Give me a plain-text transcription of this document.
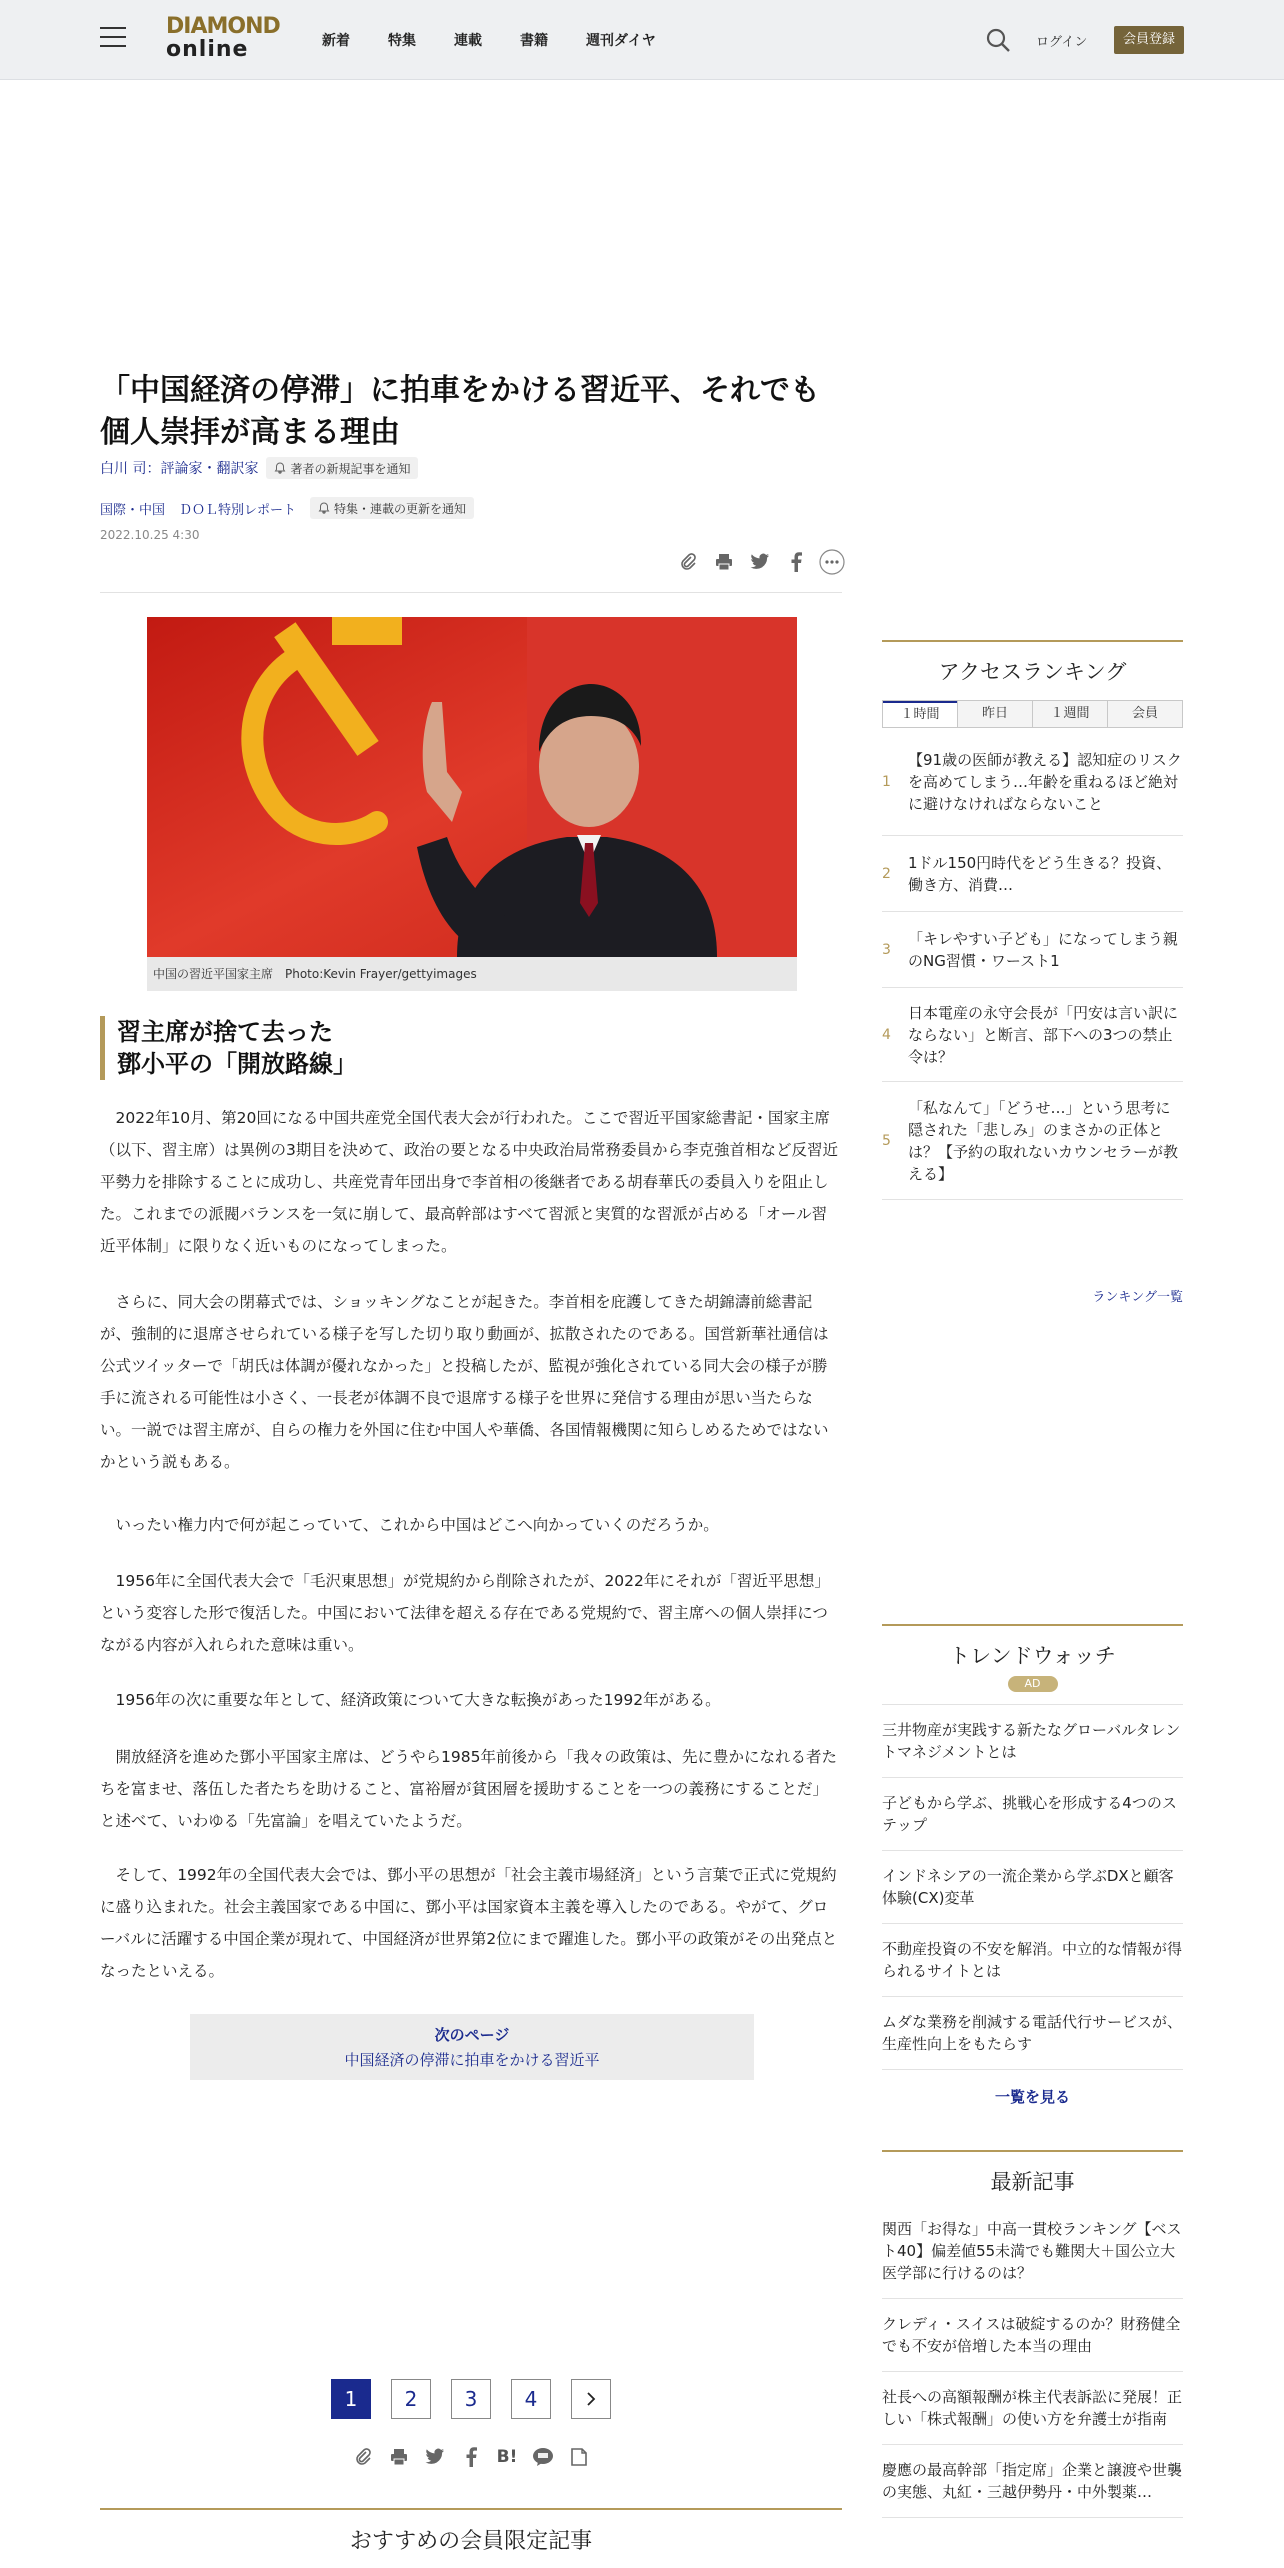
DIAMOND
online	新着	特集	連載	書籍	週刊ダイヤ	ログイン	会員登録
「中国経済の停滞」に拍車をかける習近平、それでも個人崇拝が高まる理由
白川 司：評論家・翻訳家	著者の新規記事を通知
国際・中国 ＤＯＬ特別レポート	特集・連載の更新を通知
2022.10.25 4:30
中国の習近平国家主席　Photo:Kevin Frayer/gettyimages
習主席が捨て去った
鄧小平の「開放路線」

2022年10月、第20回になる中国共産党全国代表大会が行われた。ここで習近平国家総書記・国家主席（以下、習主席）は異例の3期目を決めて、政治の要となる中央政治局常務委員から李克強首相など反習近平勢力を排除することに成功し、共産党青年団出身で李首相の後継者である胡春華氏の委員入りを阻止した。これまでの派閥バランスを一気に崩して、最高幹部はすべて習派と実質的な習派が占める「オール習近平体制」に限りなく近いものになってしまった。

さらに、同大会の閉幕式では、ショッキングなことが起きた。李首相を庇護してきた胡錦濤前総書記が、強制的に退席させられている様子を写した切り取り動画が、拡散されたのである。国営新華社通信は公式ツイッターで「胡氏は体調が優れなかった」と投稿したが、監視が強化されている同大会の様子が勝手に流される可能性は小さく、一長老が体調不良で退席する様子を世界に発信する理由が思い当たらない。一説では習主席が、自らの権力を外国に住む中国人や華僑、各国情報機関に知らしめるためではないかという説もある。

いったい権力内で何が起こっていて、これから中国はどこへ向かっていくのだろうか。

1956年に全国代表大会で「毛沢東思想」が党規約から削除されたが、2022年にそれが「習近平思想」という変容した形で復活した。中国において法律を超える存在である党規約で、習主席への個人崇拝につながる内容が入れられた意味は重い。

1956年の次に重要な年として、経済政策について大きな転換があった1992年がある。

開放経済を進めた鄧小平国家主席は、どうやら1985年前後から「我々の政策は、先に豊かになれる者たちを富ませ、落伍した者たちを助けること、富裕層が貧困層を援助することを一つの義務にすることだ」と述べて、いわゆる「先富論」を唱えていたようだ。

そして、1992年の全国代表大会では、鄧小平の思想が「社会主義市場経済」という言葉で正式に党規約に盛り込まれた。社会主義国家である中国に、鄧小平は国家資本主義を導入したのである。やがて、グローバルに活躍する中国企業が現れて、中国経済が世界第2位にまで躍進した。鄧小平の政策がその出発点となったといえる。

次のページ
中国経済の停滞に拍車をかける習近平
1	2	3	4
B!
おすすめの会員限定記事
アクセスランキング
１時間	昨日	１週間	会員
1
【91歳の医師が教える】認知症のリスクを高めてしまう…年齢を重ねるほど絶対に避けなければならないこと
2
1ドル150円時代をどう生きる？投資、働き方、消費…
3
「キレやすい子ども」になってしまう親のNG習慣・ワースト1
4
日本電産の永守会長が「円安は言い訳にならない」と断言、部下への3つの禁止令は？
5
「私なんて」「どうせ…」という思考に隠された「悲しみ」のまさかの正体とは？【予約の取れないカウンセラーが教える】
ランキング一覧
トレンドウォッチ
AD
三井物産が実践する新たなグローバルタレントマネジメントとは
子どもから学ぶ、挑戦心を形成する4つのステップ
インドネシアの一流企業から学ぶDXと顧客体験(CX)変革
不動産投資の不安を解消。中立的な情報が得られるサイトとは
ムダな業務を削減する電話代行サービスが、生産性向上をもたらす
一覧を見る
最新記事
関西「お得な」中高一貫校ランキング【ベスト40】偏差値55未満でも難関大＋国公立大医学部に行けるのは？
クレディ・スイスは破綻するのか？財務健全でも不安が倍増した本当の理由
社長への高額報酬が株主代表訴訟に発展！正しい「株式報酬」の使い方を弁護士が指南
慶應の最高幹部「指定席」企業と譲渡や世襲の実態、丸紅・三越伊勢丹・中外製薬…
